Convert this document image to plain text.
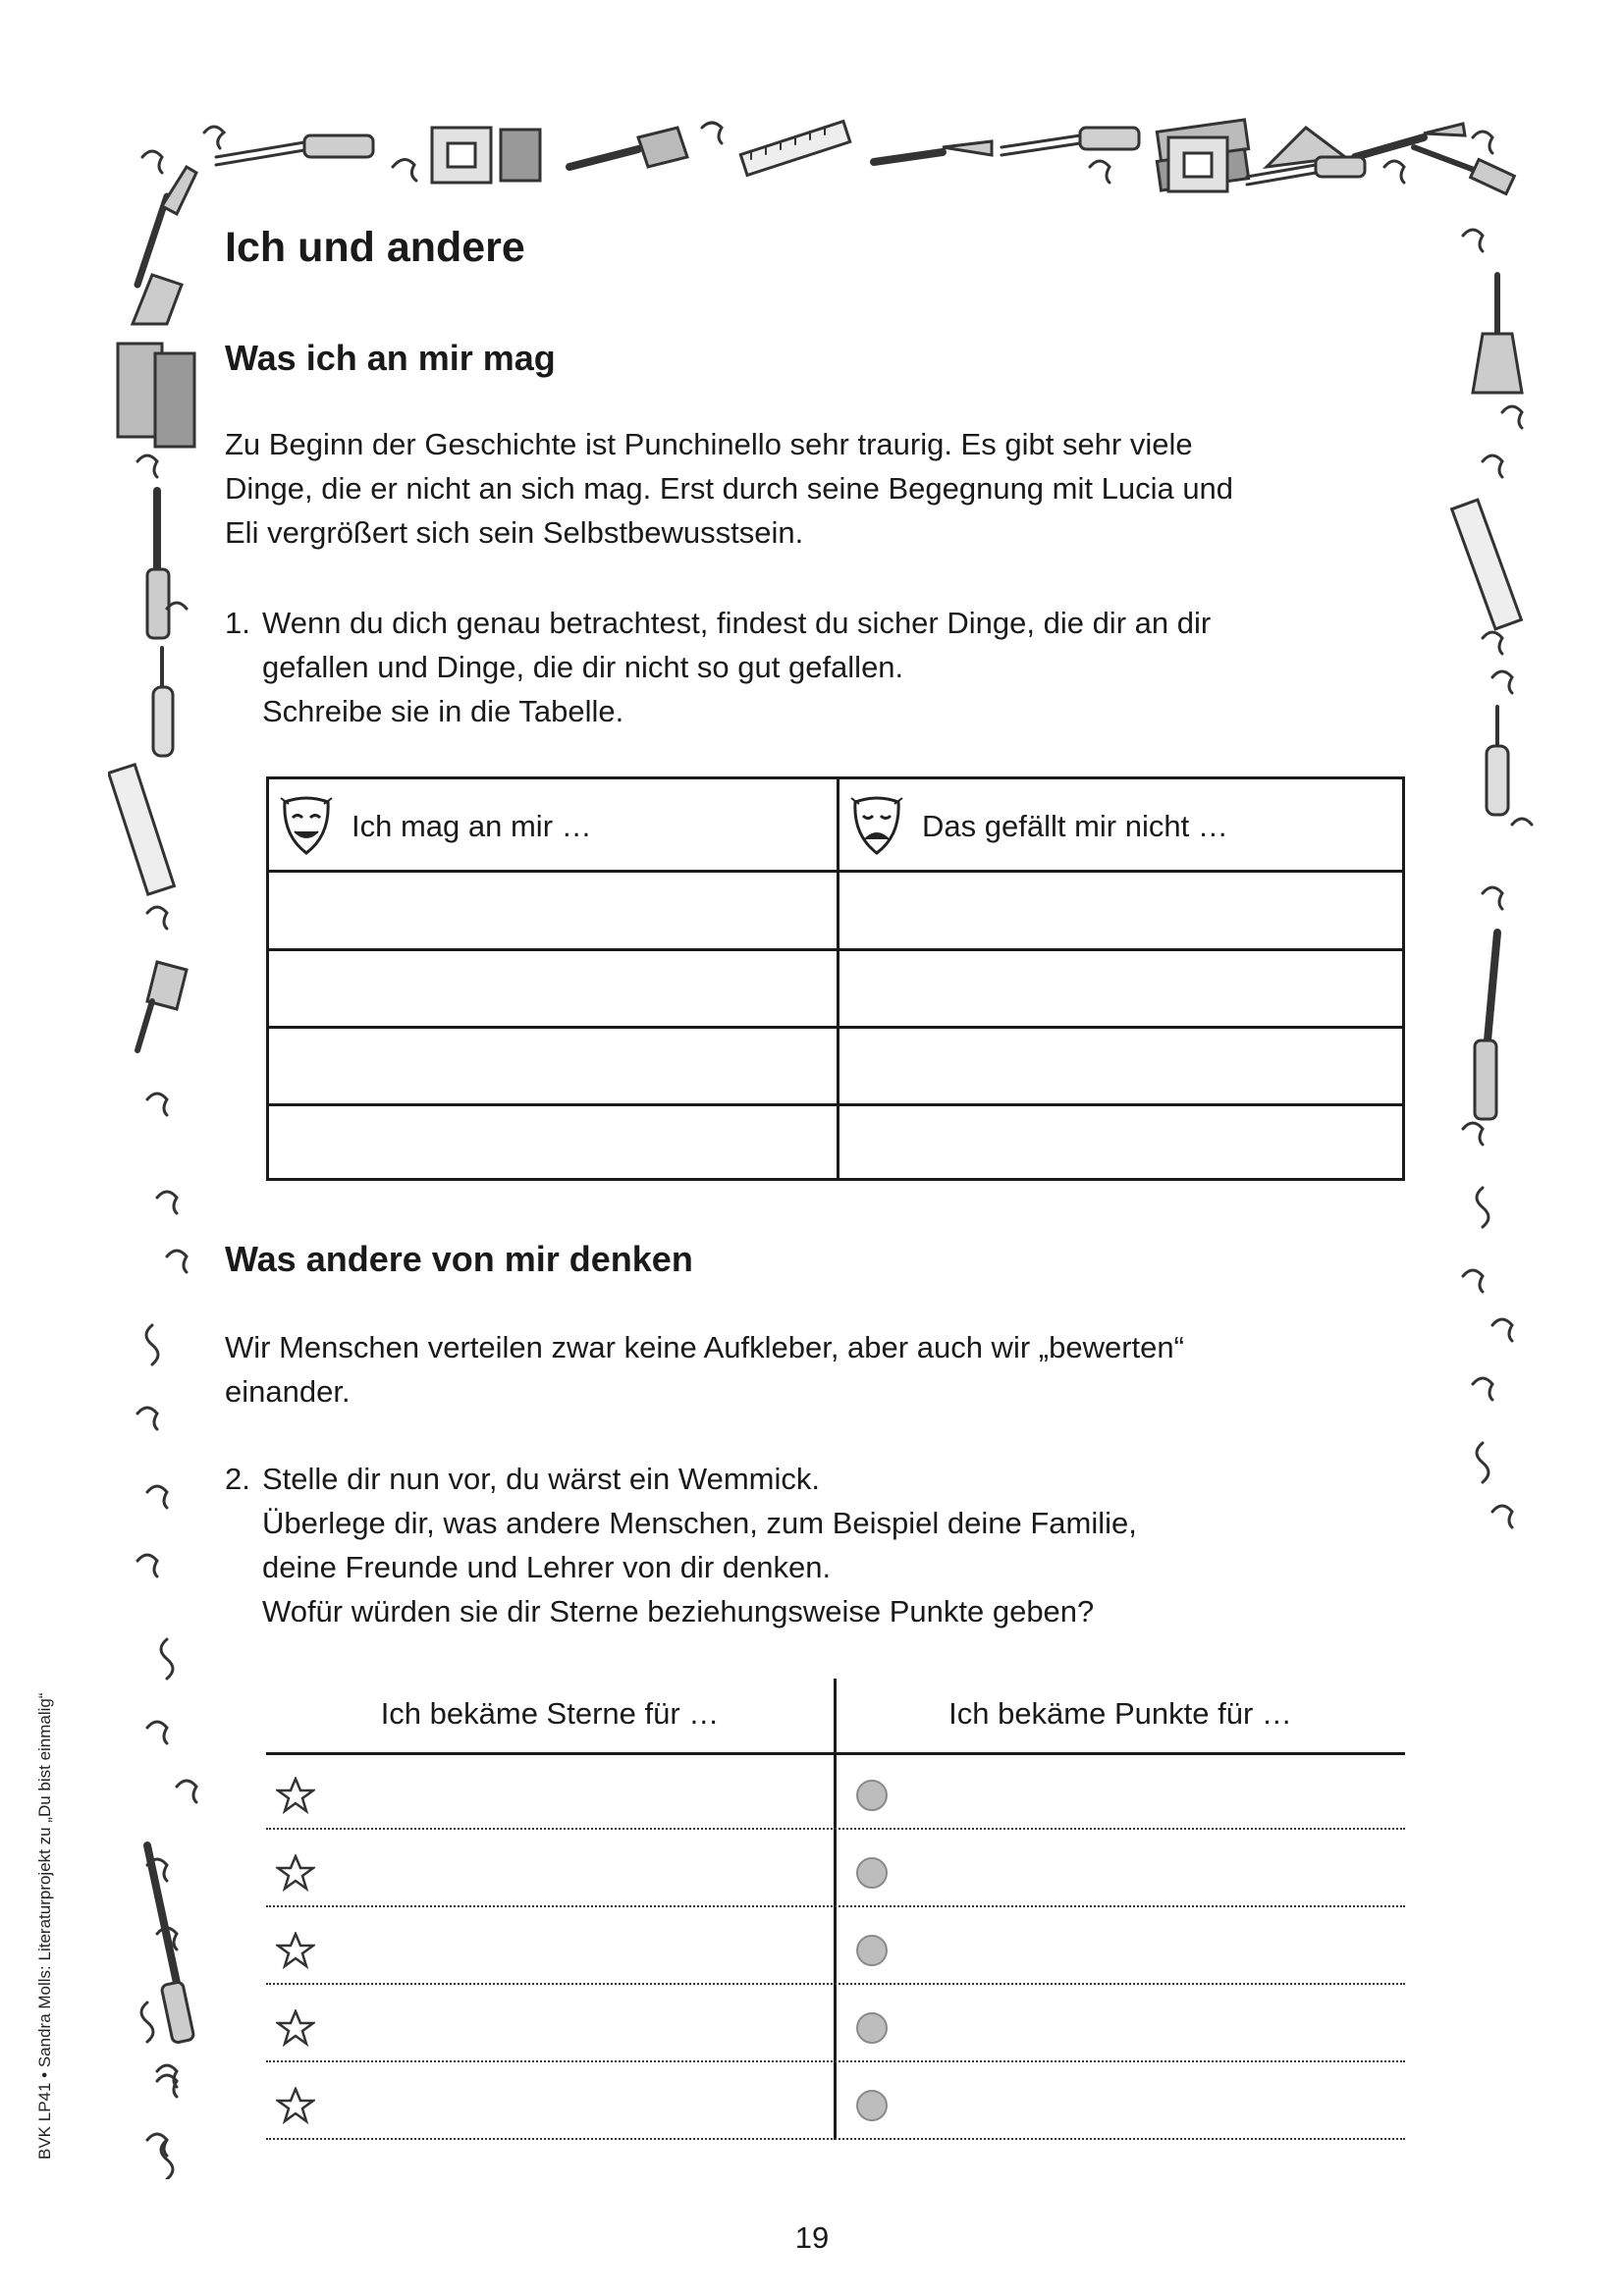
Ich und andere
Was ich an mir mag
Zu Beginn der Geschichte ist Punchinello sehr traurig. Es gibt sehr viele
Dinge, die er nicht an sich mag. Erst durch seine Begegnung mit Lucia und
Eli vergrößert sich sein Selbstbewusstsein.
1. Wenn du dich genau betrachtest, findest du sicher Dinge, die dir an dir
gefallen und Dinge, die dir nicht so gut gefallen.
Schreibe sie in die Tabelle.
Ich mag an mir …	Das gefällt mir nicht …
Was andere von mir denken
Wir Menschen verteilen zwar keine Aufkleber, aber auch wir „bewerten“
einander.
2. Stelle dir nun vor, du wärst ein Wemmick.
Überlege dir, was andere Menschen, zum Beispiel deine Familie,
deine Freunde und Lehrer von dir denken.
Wofür würden sie dir Sterne beziehungsweise Punkte geben?
Ich bekäme Sterne für …	Ich bekäme Punkte für …
BVK LP41 • Sandra Molls: Literaturprojekt zu „Du bist einmalig“
19
